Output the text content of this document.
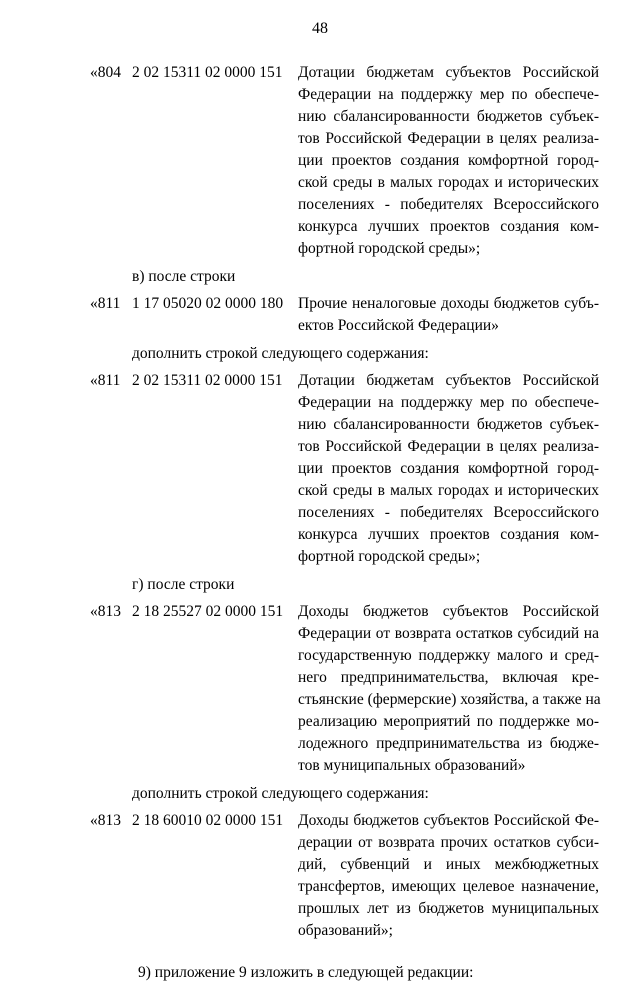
48
«804 2 02 15311 02 0000 151 Дотации бюджетам субъектов Российской
Федерации на поддержку мер по обеспече-
нию сбалансированности бюджетов субъек-
тов Российской Федерации в целях реализа-
ции проектов создания комфортной город-
ской среды в малых городах и исторических
поселениях - победителях Всероссийского
конкурса лучших проектов создания ком-
фортной городской среды»;
в) после строки
«811 1 17 05020 02 0000 180 Прочие неналоговые доходы бюджетов субъ-
ектов Российской Федерации»
дополнить строкой следующего содержания:
«811 2 02 15311 02 0000 151 Дотации бюджетам субъектов Российской
Федерации на поддержку мер по обеспече-
нию сбалансированности бюджетов субъек-
тов Российской Федерации в целях реализа-
ции проектов создания комфортной город-
ской среды в малых городах и исторических
поселениях - победителях Всероссийского
конкурса лучших проектов создания ком-
фортной городской среды»;
г) после строки
«813 2 18 25527 02 0000 151 Доходы бюджетов субъектов Российской
Федерации от возврата остатков субсидий на
государственную поддержку малого и сред-
него предпринимательства, включая кре-
стьянские (фермерские) хозяйства, а также на
реализацию мероприятий по поддержке мо-
лодежного предпринимательства из бюдже-
тов муниципальных образований»
дополнить строкой следующего содержания:
«813 2 18 60010 02 0000 151 Доходы бюджетов субъектов Российской Фе-
дерации от возврата прочих остатков субси-
дий, субвенций и иных межбюджетных
трансфертов, имеющих целевое назначение,
прошлых лет из бюджетов муниципальных
образований»;
9) приложение 9 изложить в следующей редакции:
